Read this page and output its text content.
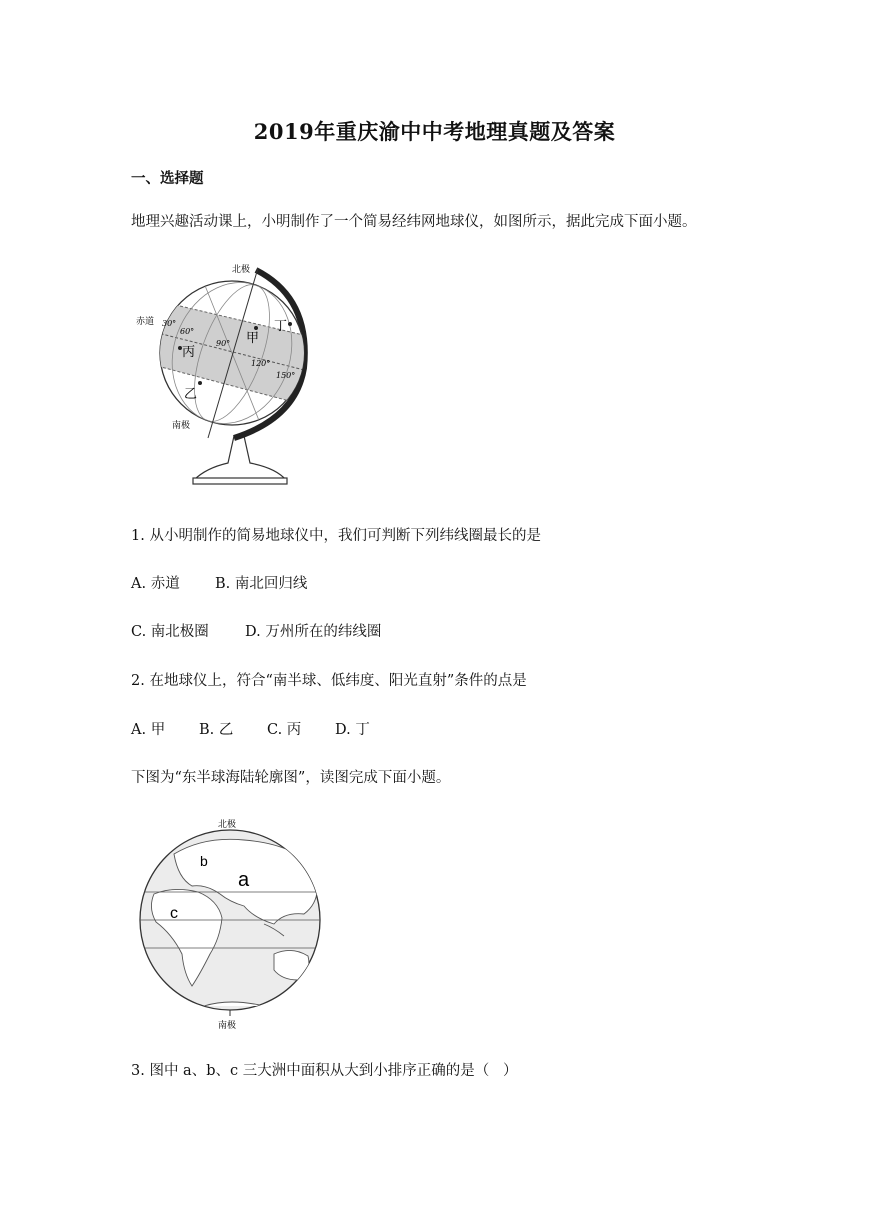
2019年重庆渝中中考地理真题及答案
一、选择题
地理兴趣活动课上，小明制作了一个简易经纬网地球仪，如图所示，据此完成下面小题。
北极
南极
赤道 30°
60°
90°
120°
150°
甲
丙
乙
丁
1. 从小明制作的简易地球仪中，我们可判断下列纬线圈最长的是
A. 赤道 B. 南北回归线
C. 南北极圈 D. 万州所在的纬线圈
2. 在地球仪上，符合“南半球、低纬度、阳光直射”条件的点是
A. 甲 B. 乙 C. 丙 D. 丁
下图为“东半球海陆轮廓图”，读图完成下面小题。
北极
a
b
c
南极
3. 图中 a、b、c 三大洲中面积从大到小排序正确的是（   ）
